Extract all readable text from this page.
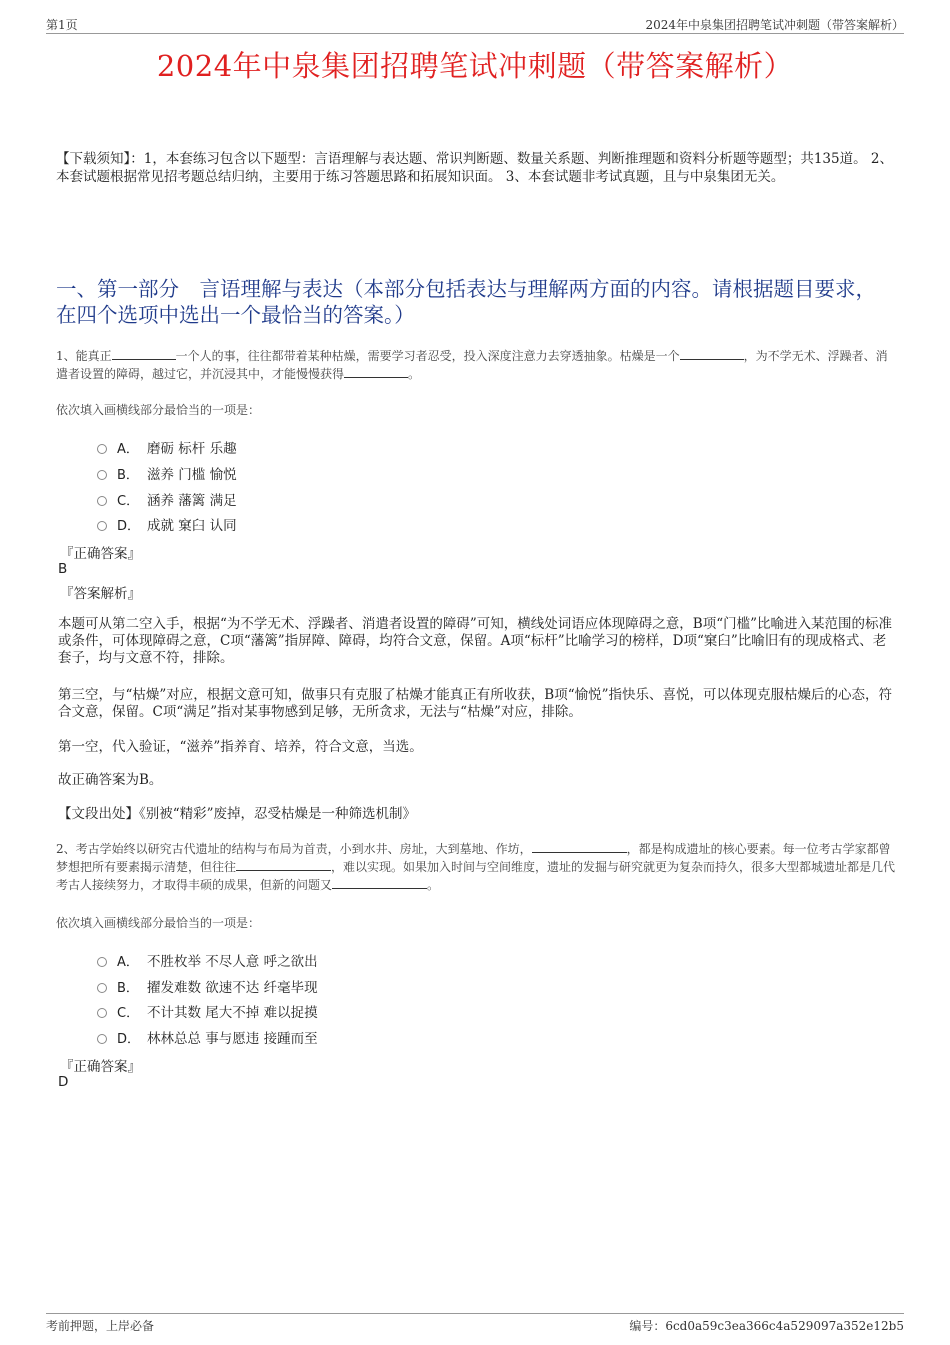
第1页	2024年中泉集团招聘笔试冲刺题（带答案解析）
2024年中泉集团招聘笔试冲刺题（带答案解析）
【下载须知】：1，本套练习包含以下题型：言语理解与表达题、常识判断题、数量关系题、判断推理题和资料分析题等题型；共135道。 2、本套试题根据常见招考题总结归纳，主要用于练习答题思路和拓展知识面。 3、本套试题非考试真题，且与中泉集团无关。
一、第一部分　言语理解与表达（本部分包括表达与理解两方面的内容。请根据题目要求，在四个选项中选出一个最恰当的答案。）
1、能真正	一个人的事，往往都带着某种枯燥，需要学习者忍受，投入深度注意力去穿透抽象。枯燥是一个	，为不学无术、浮躁者、消遣者设置的障碍，越过它，并沉浸其中，才能慢慢获得	。
依次填入画横线部分最恰当的一项是：
A． 磨砺 标杆 乐趣
B． 滋养 门槛 愉悦
C． 涵养 藩篱 满足
D． 成就 窠臼 认同
『正确答案』
B
『答案解析』
本题可从第二空入手，根据“为不学无术、浮躁者、消遣者设置的障碍”可知，横线处词语应体现障碍之意，B项“门槛”比喻进入某范围的标准或条件，可体现障碍之意，C项“藩篱”指屏障、障碍，均符合文意，保留。A项“标杆”比喻学习的榜样，D项“窠臼”比喻旧有的现成格式、老套子，均与文意不符，排除。
第三空，与“枯燥”对应，根据文意可知，做事只有克服了枯燥才能真正有所收获，B项“愉悦”指快乐、喜悦，可以体现克服枯燥后的心态，符合文意，保留。C项“满足”指对某事物感到足够，无所贪求，无法与“枯燥”对应，排除。
第一空，代入验证，“滋养”指养育、培养，符合文意，当选。
故正确答案为B。
【文段出处】《别被“精彩”废掉，忍受枯燥是一种筛选机制》
2、考古学始终以研究古代遗址的结构与布局为首责，小到水井、房址，大到墓地、作坊，	，都是构成遗址的核心要素。每一位考古学家都曾梦想把所有要素揭示清楚，但往往	，难以实现。如果加入时间与空间维度，遗址的发掘与研究就更为复杂而持久，很多大型都城遗址都是几代考古人接续努力，才取得丰硕的成果，但新的问题又	。
依次填入画横线部分最恰当的一项是：
A． 不胜枚举 不尽人意 呼之欲出
B． 擢发难数 欲速不达 纤毫毕现
C． 不计其数 尾大不掉 难以捉摸
D． 林林总总 事与愿违 接踵而至
『正确答案』
D
考前押题，上岸必备	编号：6cd0a59c3ea366c4a529097a352e12b5
